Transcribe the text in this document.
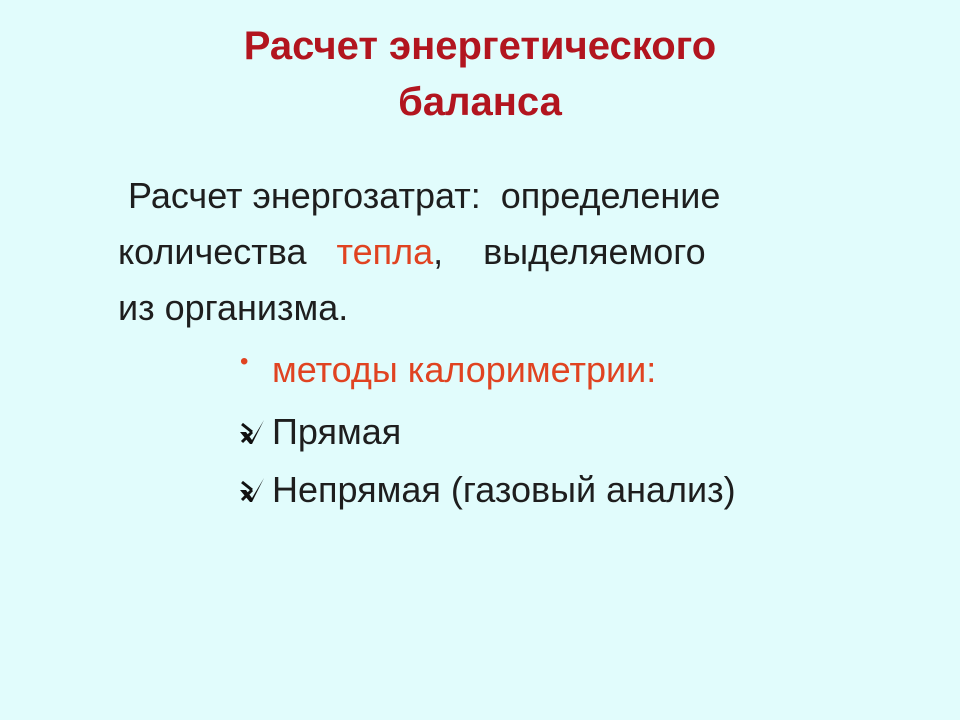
Расчет энергетического
баланса
Расчет энергозатрат:  определение
количества   тепла,    выделяемого
из организма.
• методы калориметрии:
Прямая
Непрямая (газовый анализ)
